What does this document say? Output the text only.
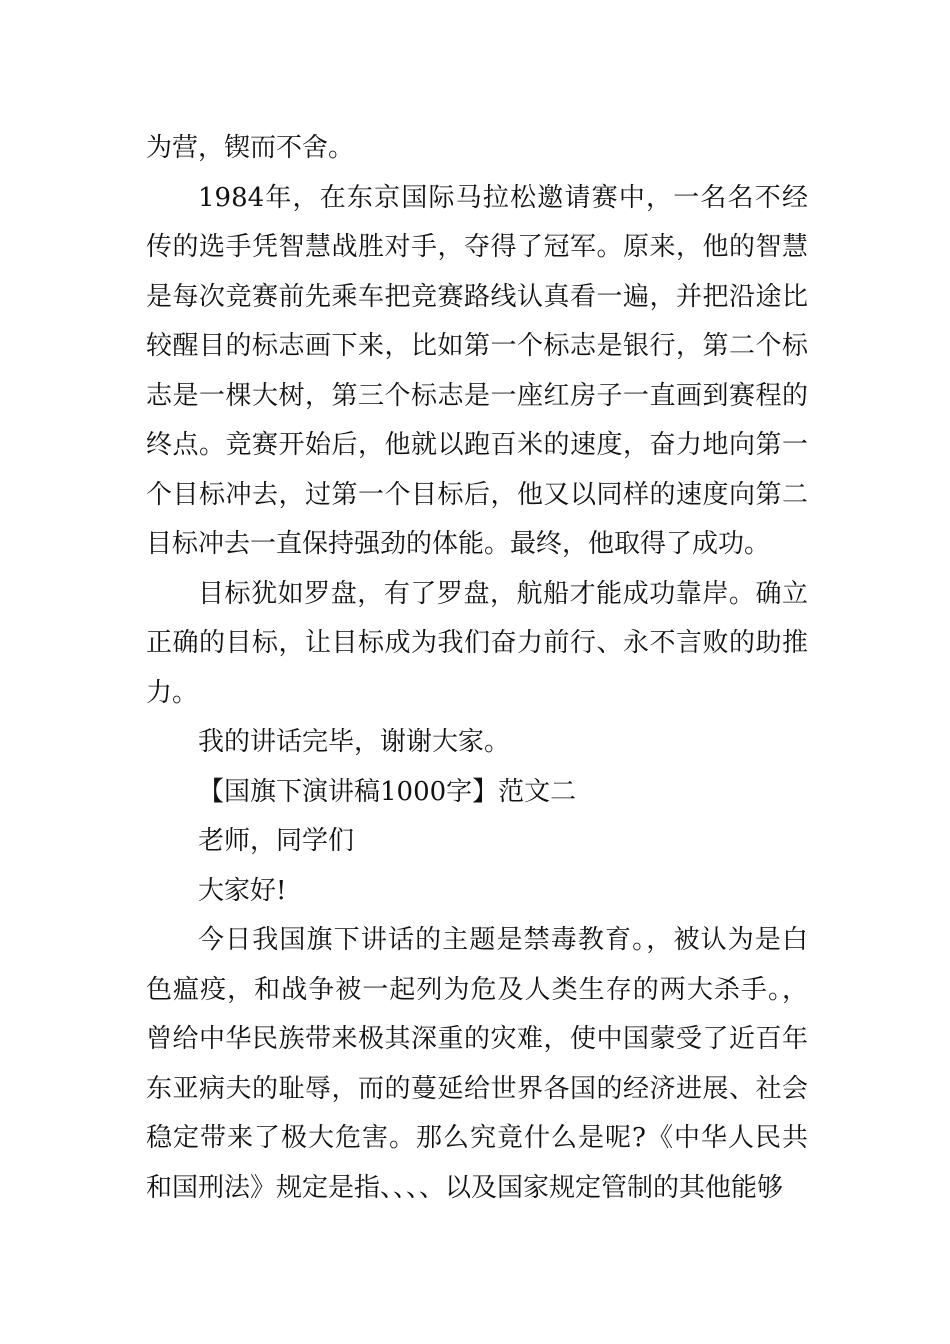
为营，锲而不舍。

1984年，在东京国际马拉松邀请赛中，一名名不经传的选手凭智慧战胜对手，夺得了冠军。原来，他的智慧是每次竞赛前先乘车把竞赛路线认真看一遍，并把沿途比较醒目的标志画下来，比如第一个标志是银行，第二个标志是一棵大树，第三个标志是一座红房子一直画到赛程的终点。竞赛开始后，他就以跑百米的速度，奋力地向第一个目标冲去，过第一个目标后，他又以同样的速度向第二目标冲去一直保持强劲的体能。最终，他取得了成功。

目标犹如罗盘，有了罗盘，航船才能成功靠岸。确立正确的目标，让目标成为我们奋力前行、永不言败的助推力。

我的讲话完毕，谢谢大家。

【国旗下演讲稿1000字】范文二

老师，同学们

大家好!

今日我国旗下讲话的主题是禁毒教育。，被认为是白色瘟疫，和战争被一起列为危及人类生存的两大杀手。，曾给中华民族带来极其深重的灾难，使中国蒙受了近百年东亚病夫的耻辱，而的蔓延给世界各国的经济进展、社会稳定带来了极大危害。那么究竟什么是呢?《中华人民共和国刑法》规定是指、、、、以及国家规定管制的其他能够
